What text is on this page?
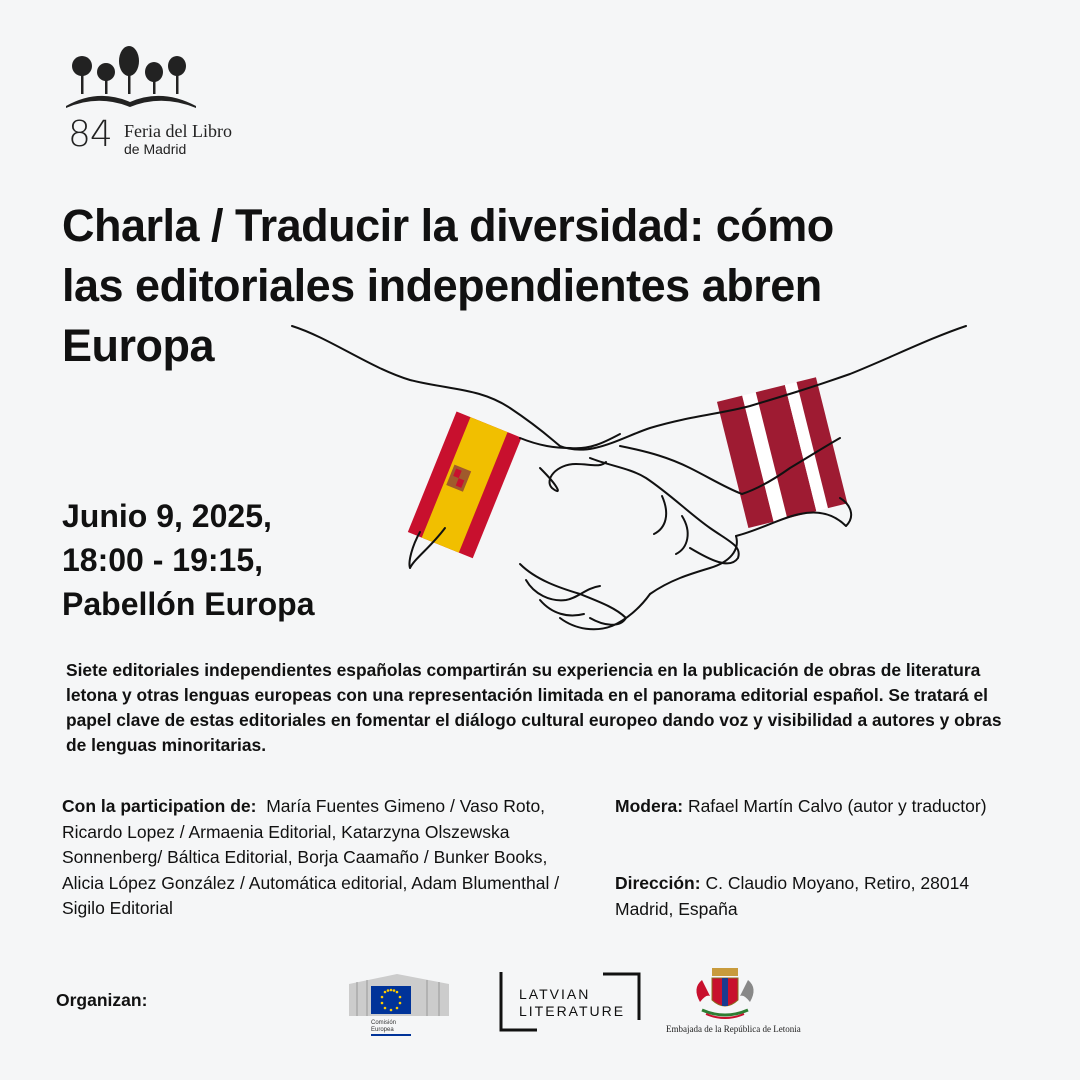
84 Feria del Libro
de Madrid
Charla / Traducir la diversidad: cómo
las editoriales independientes abren
Europa
Junio 9, 2025,
18:00 - 19:15,
Pabellón Europa
Siete editoriales independientes españolas compartirán su experiencia en la publicación de obras de literatura letona y otras lenguas europeas con una representación limitada en el panorama editorial español. Se tratará el papel clave de estas editoriales en fomentar el diálogo cultural europeo dando voz y visibilidad a autores y obras de lenguas minoritarias.
Con la participation de: María Fuentes Gimeno / Vaso Roto, Ricardo Lopez / Armaenia Editorial, Katarzyna Olszewska Sonnenberg/ Báltica Editorial, Borja Caamaño / Bunker Books, Alicia López González / Automática editorial, Adam Blumenthal / Sigilo Editorial
Modera: Rafael Martín Calvo (autor y traductor)
Dirección: C. Claudio Moyano, Retiro, 28014 Madrid, España
Organizan:
Comisión
Europea
LATVIAN
LITERATURE
Embajada de la República de Letonia
